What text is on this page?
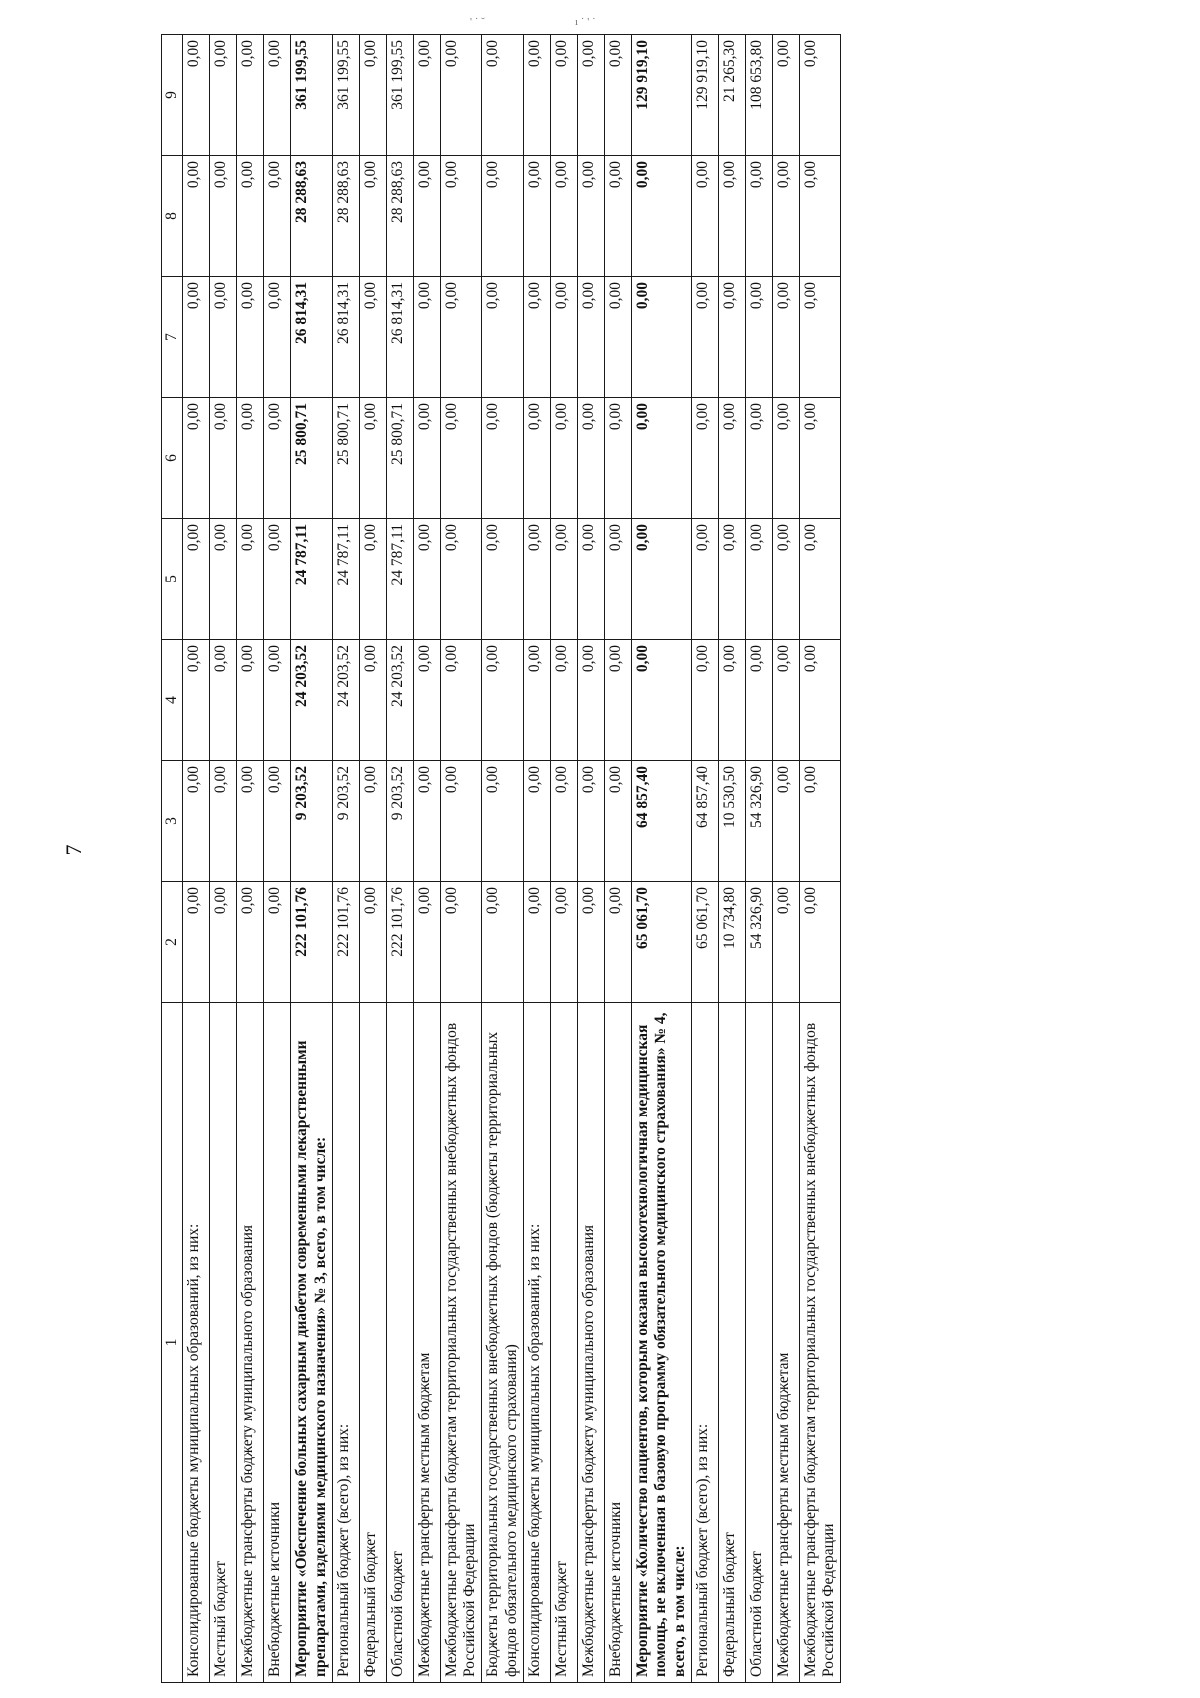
7
' ˙ ˘	ı ˙ ' ˙
1	2	3	4	5	6	7	8	9
Консолидированные бюджеты муниципальных образований, из них:	0,00	0,00	0,00	0,00	0,00	0,00	0,00	0,00
Местный бюджет	0,00	0,00	0,00	0,00	0,00	0,00	0,00	0,00
Межбюджетные трансферты бюджету муниципального образования	0,00	0,00	0,00	0,00	0,00	0,00	0,00	0,00
Внебюджетные источники	0,00	0,00	0,00	0,00	0,00	0,00	0,00	0,00
Мероприятие «Обеспечение больных сахарным диабетом современными лекарственными препаратами, изделиями медицинского назначения» № 3, всего, в том числе:	222 101,76	9 203,52	24 203,52	24 787,11	25 800,71	26 814,31	28 288,63	361 199,55
Региональный бюджет (всего), из них:	222 101,76	9 203,52	24 203,52	24 787,11	25 800,71	26 814,31	28 288,63	361 199,55
Федеральный бюджет	0,00	0,00	0,00	0,00	0,00	0,00	0,00	0,00
Областной бюджет	222 101,76	9 203,52	24 203,52	24 787,11	25 800,71	26 814,31	28 288,63	361 199,55
Межбюджетные трансферты местным бюджетам	0,00	0,00	0,00	0,00	0,00	0,00	0,00	0,00
Межбюджетные трансферты бюджетам территориальных государственных внебюджетных фондов Российской Федерации	0,00	0,00	0,00	0,00	0,00	0,00	0,00	0,00
Бюджеты территориальных государственных внебюджетных фондов (бюджеты территориальных фондов обязательного медицинского страхования)	0,00	0,00	0,00	0,00	0,00	0,00	0,00	0,00
Консолидированные бюджеты муниципальных образований, из них:	0,00	0,00	0,00	0,00	0,00	0,00	0,00	0,00
Местный бюджет	0,00	0,00	0,00	0,00	0,00	0,00	0,00	0,00
Межбюджетные трансферты бюджету муниципального образования	0,00	0,00	0,00	0,00	0,00	0,00	0,00	0,00
Внебюджетные источники	0,00	0,00	0,00	0,00	0,00	0,00	0,00	0,00
Мероприятие «Количество пациентов, которым оказана высокотехнологичная медицинская помощь, не включенная в базовую программу обязательного медицинского страхования» № 4, всего, в том числе:	65 061,70	64 857,40	0,00	0,00	0,00	0,00	0,00	129 919,10
Региональный бюджет (всего), из них:	65 061,70	64 857,40	0,00	0,00	0,00	0,00	0,00	129 919,10
Федеральный бюджет	10 734,80	10 530,50	0,00	0,00	0,00	0,00	0,00	21 265,30
Областной бюджет	54 326,90	54 326,90	0,00	0,00	0,00	0,00	0,00	108 653,80
Межбюджетные трансферты местным бюджетам	0,00	0,00	0,00	0,00	0,00	0,00	0,00	0,00
Межбюджетные трансферты бюджетам территориальных государственных внебюджетных фондов Российской Федерации	0,00	0,00	0,00	0,00	0,00	0,00	0,00	0,00
